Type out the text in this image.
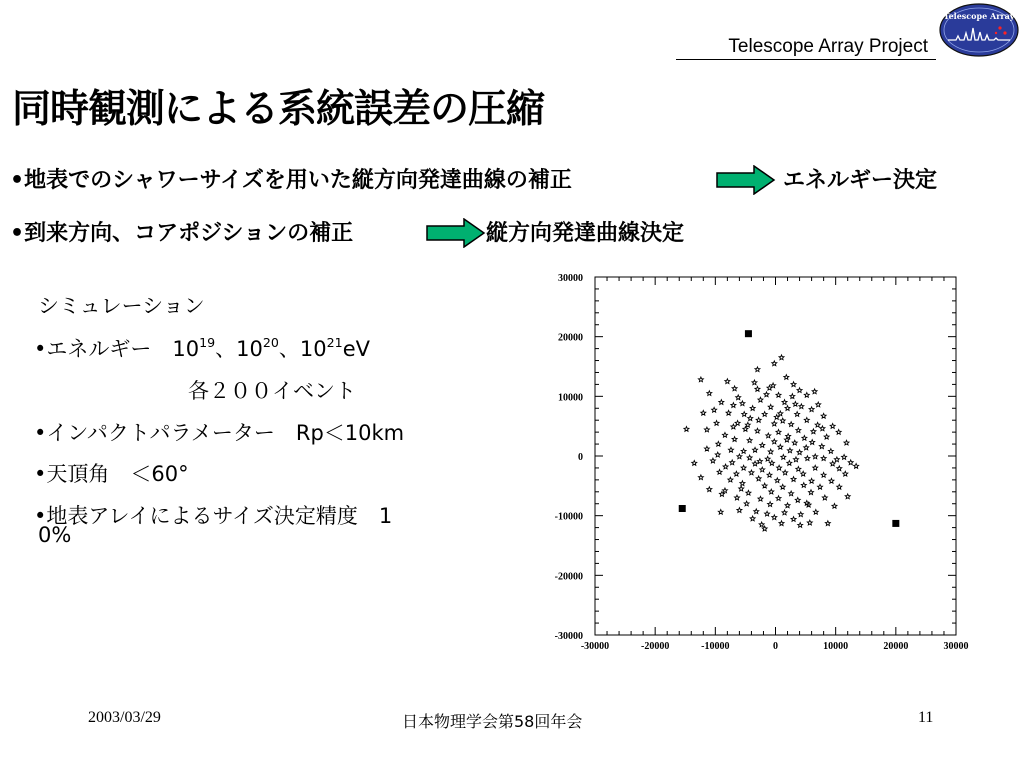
Telescope Array Project
Telescope Array
同時観測による系統誤差の圧縮
•地表でのシャワーサイズを用いた縦方向発達曲線の補正	エネルギー決定
•到来方向、コアポジションの補正	縦方向発達曲線決定
シミュレーション
•エネルギー　$10^{19}$、$10^{20}$、$10^{21}eV$
各２００イベント
•インパクトパラメーター　Rp＜10km
•天頂角　＜60°
•地表アレイによるサイズ決定精度　1
0%
-30000	-20000	-10000	0	10000	20000	30000
30000
20000
10000
0
-10000
-20000
-30000
2003/03/29	日本物理学会第58回年会	11
